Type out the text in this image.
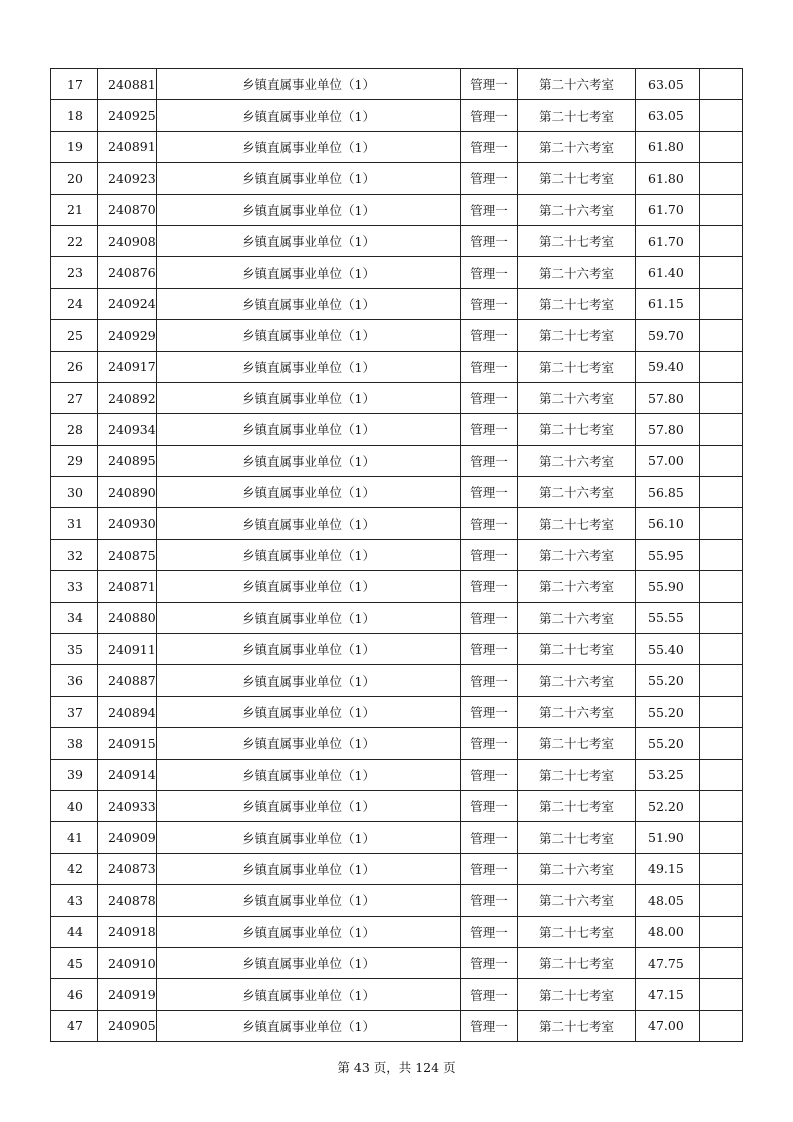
17	240881	乡镇直属事业单位（1）	管理一	第二十六考室	63.05	
18	240925	乡镇直属事业单位（1）	管理一	第二十七考室	63.05	
19	240891	乡镇直属事业单位（1）	管理一	第二十六考室	61.80	
20	240923	乡镇直属事业单位（1）	管理一	第二十七考室	61.80	
21	240870	乡镇直属事业单位（1）	管理一	第二十六考室	61.70	
22	240908	乡镇直属事业单位（1）	管理一	第二十七考室	61.70	
23	240876	乡镇直属事业单位（1）	管理一	第二十六考室	61.40	
24	240924	乡镇直属事业单位（1）	管理一	第二十七考室	61.15	
25	240929	乡镇直属事业单位（1）	管理一	第二十七考室	59.70	
26	240917	乡镇直属事业单位（1）	管理一	第二十七考室	59.40	
27	240892	乡镇直属事业单位（1）	管理一	第二十六考室	57.80	
28	240934	乡镇直属事业单位（1）	管理一	第二十七考室	57.80	
29	240895	乡镇直属事业单位（1）	管理一	第二十六考室	57.00	
30	240890	乡镇直属事业单位（1）	管理一	第二十六考室	56.85	
31	240930	乡镇直属事业单位（1）	管理一	第二十七考室	56.10	
32	240875	乡镇直属事业单位（1）	管理一	第二十六考室	55.95	
33	240871	乡镇直属事业单位（1）	管理一	第二十六考室	55.90	
34	240880	乡镇直属事业单位（1）	管理一	第二十六考室	55.55	
35	240911	乡镇直属事业单位（1）	管理一	第二十七考室	55.40	
36	240887	乡镇直属事业单位（1）	管理一	第二十六考室	55.20	
37	240894	乡镇直属事业单位（1）	管理一	第二十六考室	55.20	
38	240915	乡镇直属事业单位（1）	管理一	第二十七考室	55.20	
39	240914	乡镇直属事业单位（1）	管理一	第二十七考室	53.25	
40	240933	乡镇直属事业单位（1）	管理一	第二十七考室	52.20	
41	240909	乡镇直属事业单位（1）	管理一	第二十七考室	51.90	
42	240873	乡镇直属事业单位（1）	管理一	第二十六考室	49.15	
43	240878	乡镇直属事业单位（1）	管理一	第二十六考室	48.05	
44	240918	乡镇直属事业单位（1）	管理一	第二十七考室	48.00	
45	240910	乡镇直属事业单位（1）	管理一	第二十七考室	47.75	
46	240919	乡镇直属事业单位（1）	管理一	第二十七考室	47.15	
47	240905	乡镇直属事业单位（1）	管理一	第二十七考室	47.00	
第 43 页，共 124 页
